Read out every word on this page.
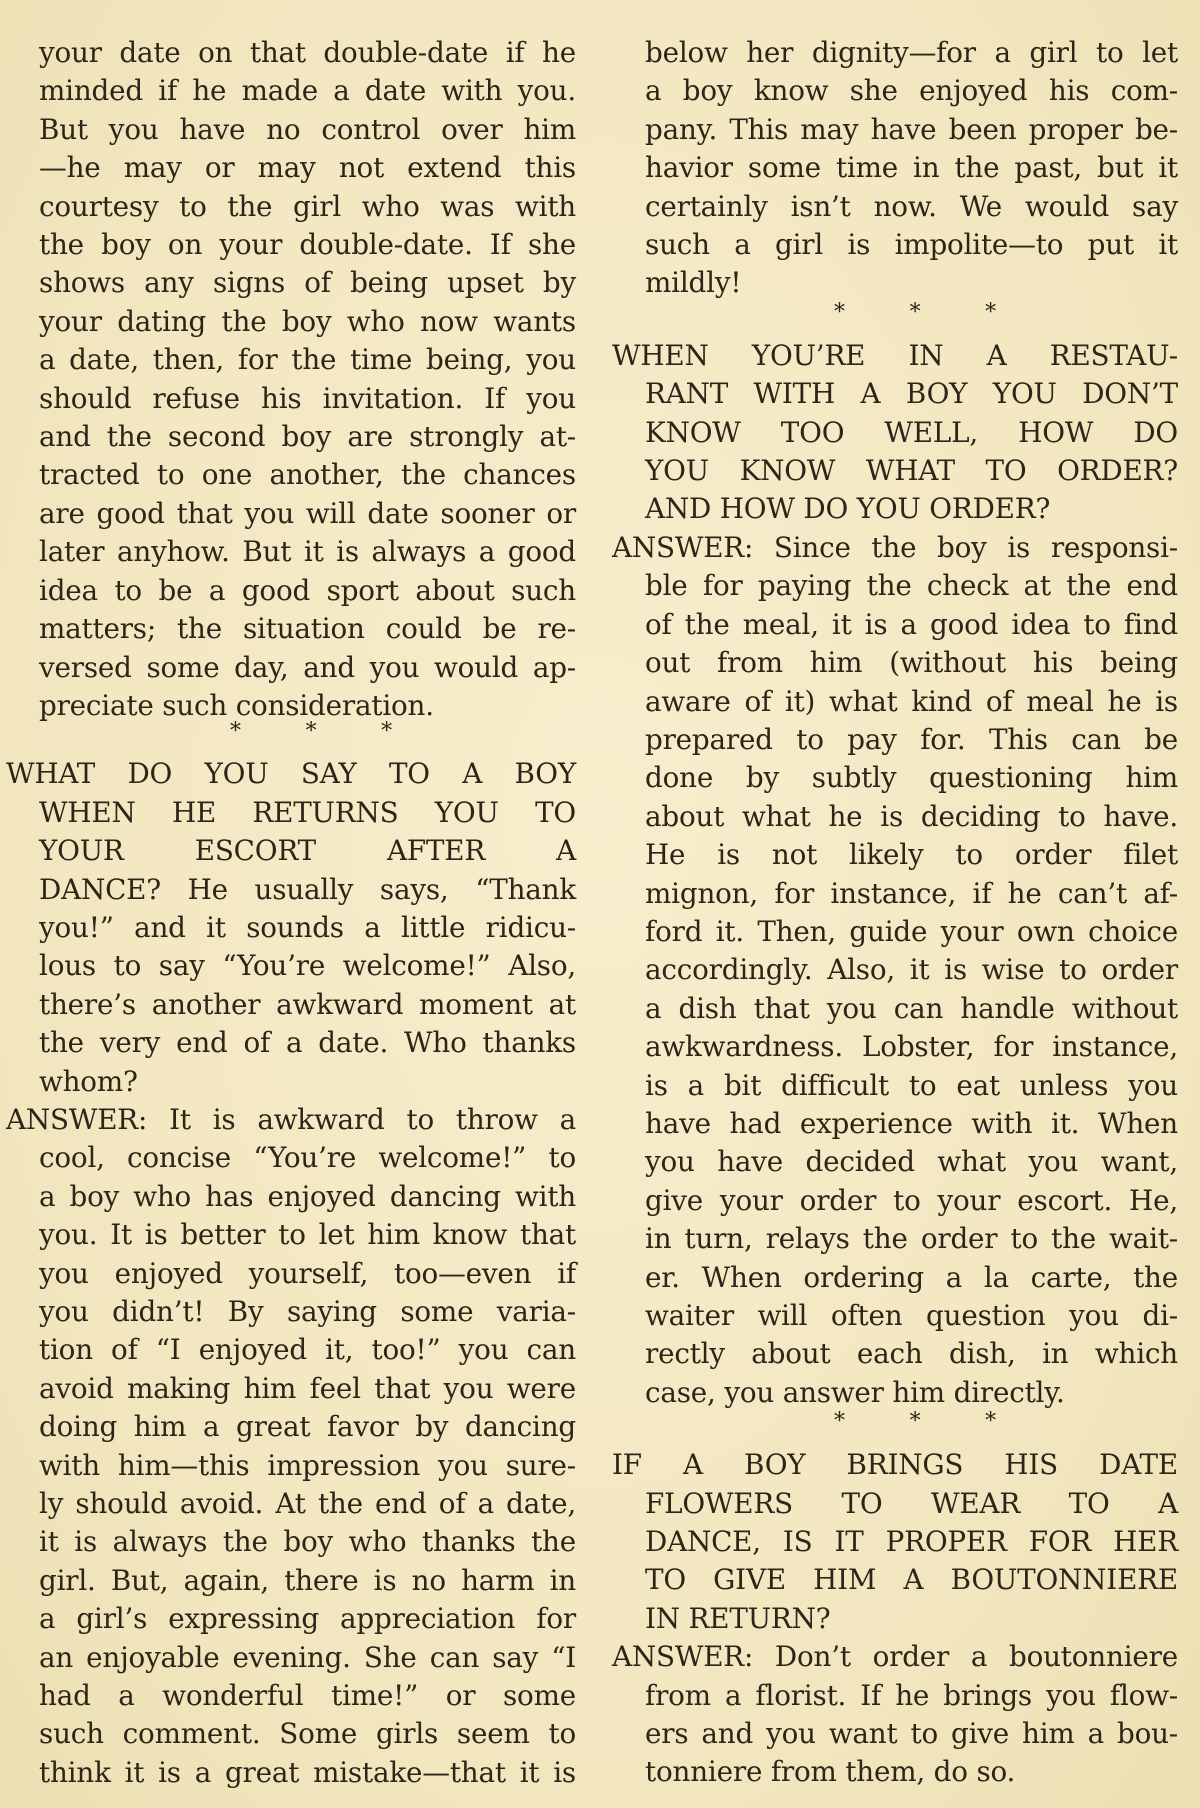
your date on that double-date if he
minded if he made a date with you.
But you have no control over him
—he may or may not extend this
courtesy to the girl who was with
the boy on your double-date. If she
shows any signs of being upset by
your dating the boy who now wants
a date, then, for the time being, you
should refuse his invitation. If you
and the second boy are strongly at-
tracted to one another, the chances
are good that you will date sooner or
later anyhow. But it is always a good
idea to be a good sport about such
matters; the situation could be re-
versed some day, and you would ap-
preciate such consideration.
* * *
WHAT DO YOU SAY TO A BOY
WHEN HE RETURNS YOU TO
YOUR ESCORT AFTER A
DANCE? He usually says, “Thank
you!” and it sounds a little ridicu-
lous to say “You’re welcome!” Also,
there’s another awkward moment at
the very end of a date. Who thanks
whom?
ANSWER: It is awkward to throw a
cool, concise “You’re welcome!” to
a boy who has enjoyed dancing with
you. It is better to let him know that
you enjoyed yourself, too—even if
you didn’t! By saying some varia-
tion of “I enjoyed it, too!” you can
avoid making him feel that you were
doing him a great favor by dancing
with him—this impression you sure-
ly should avoid. At the end of a date,
it is always the boy who thanks the
girl. But, again, there is no harm in
a girl’s expressing appreciation for
an enjoyable evening. She can say “I
had a wonderful time!” or some
such comment. Some girls seem to
think it is a great mistake—that it is
below her dignity—for a girl to let
a boy know she enjoyed his com-
pany. This may have been proper be-
havior some time in the past, but it
certainly isn’t now. We would say
such a girl is impolite—to put it
mildly!
* * *
WHEN YOU’RE IN A RESTAU-
RANT WITH A BOY YOU DON’T
KNOW TOO WELL, HOW DO
YOU KNOW WHAT TO ORDER?
AND HOW DO YOU ORDER?
ANSWER: Since the boy is responsi-
ble for paying the check at the end
of the meal, it is a good idea to find
out from him (without his being
aware of it) what kind of meal he is
prepared to pay for. This can be
done by subtly questioning him
about what he is deciding to have.
He is not likely to order filet
mignon, for instance, if he can’t af-
ford it. Then, guide your own choice
accordingly. Also, it is wise to order
a dish that you can handle without
awkwardness. Lobster, for instance,
is a bit difficult to eat unless you
have had experience with it. When
you have decided what you want,
give your order to your escort. He,
in turn, relays the order to the wait-
er. When ordering a la carte, the
waiter will often question you di-
rectly about each dish, in which
case, you answer him directly.
* * *
IF A BOY BRINGS HIS DATE
FLOWERS TO WEAR TO A
DANCE, IS IT PROPER FOR HER
TO GIVE HIM A BOUTONNIERE
IN RETURN?
ANSWER: Don’t order a boutonniere
from a florist. If he brings you flow-
ers and you want to give him a bou-
tonniere from them, do so.
